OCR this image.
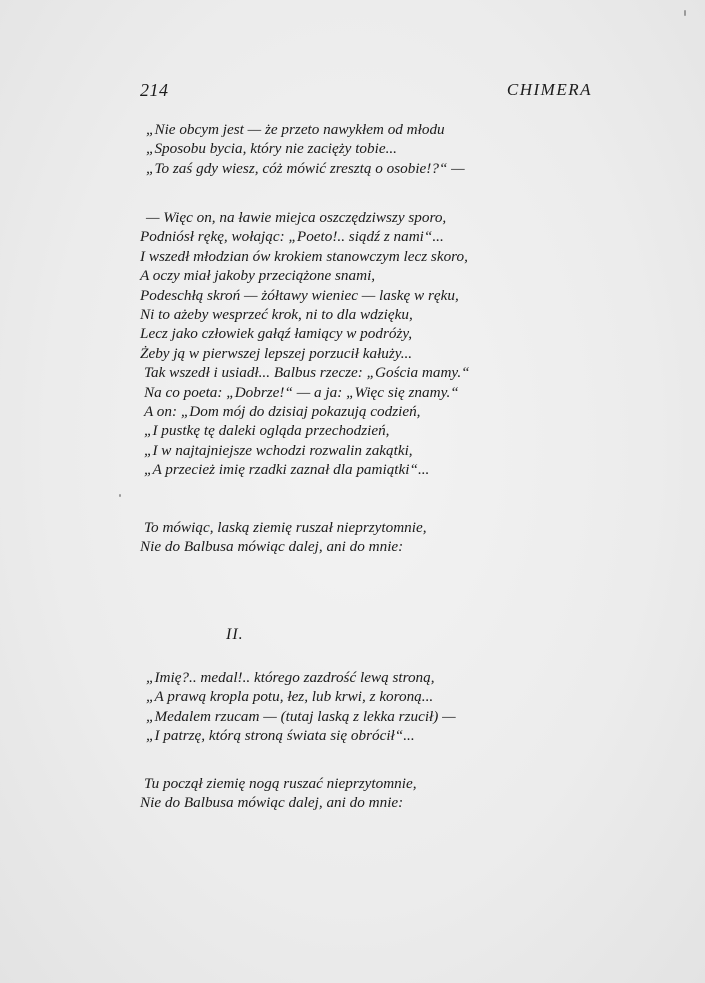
214	CHIMERA
„Nie obcym jest — że przeto nawykłem od młodu
„Sposobu bycia, który nie zacięży tobie...
„To zaś gdy wiesz, cóż mówić zresztą o osobie!?“ —
— Więc on, na ławie miejca oszczędziwszy sporo,
Podniósł rękę, wołając: „Poeto!.. siądź z nami“...
I wszedł młodzian ów krokiem stanowczym lecz skoro,
A oczy miał jakoby przeciążone snami,
Podeschłą skroń — żółtawy wieniec — laskę w ręku,
Ni to ażeby wesprzeć krok, ni to dla wdzięku,
Lecz jako człowiek gałąź łamiący w podróży,
Żeby ją w pierwszej lepszej porzucił kałuży...
Tak wszedł i usiadł... Balbus rzecze: „Gościa mamy.“
Na co poeta: „Dobrze!“ — a ja: „Więc się znamy.“
A on: „Dom mój do dzisiaj pokazują codzień,
„I pustkę tę daleki ogląda przechodzień,
„I w najtajniejsze wchodzi rozwalin zakątki,
„A przecież imię rzadki zaznał dla pamiątki“...
To mówiąc, laską ziemię ruszał nieprzytomnie,
Nie do Balbusa mówiąc dalej, ani do mnie:
II.
„Imię?.. medal!.. którego zazdrość lewą stroną,
„A prawą kropla potu, łez, lub krwi, z koroną...
„Medalem rzucam — (tutaj laską z lekka rzucił) —
„I patrzę, którą stroną świata się obrócił“...
Tu począł ziemię nogą ruszać nieprzytomnie,
Nie do Balbusa mówiąc dalej, ani do mnie:
